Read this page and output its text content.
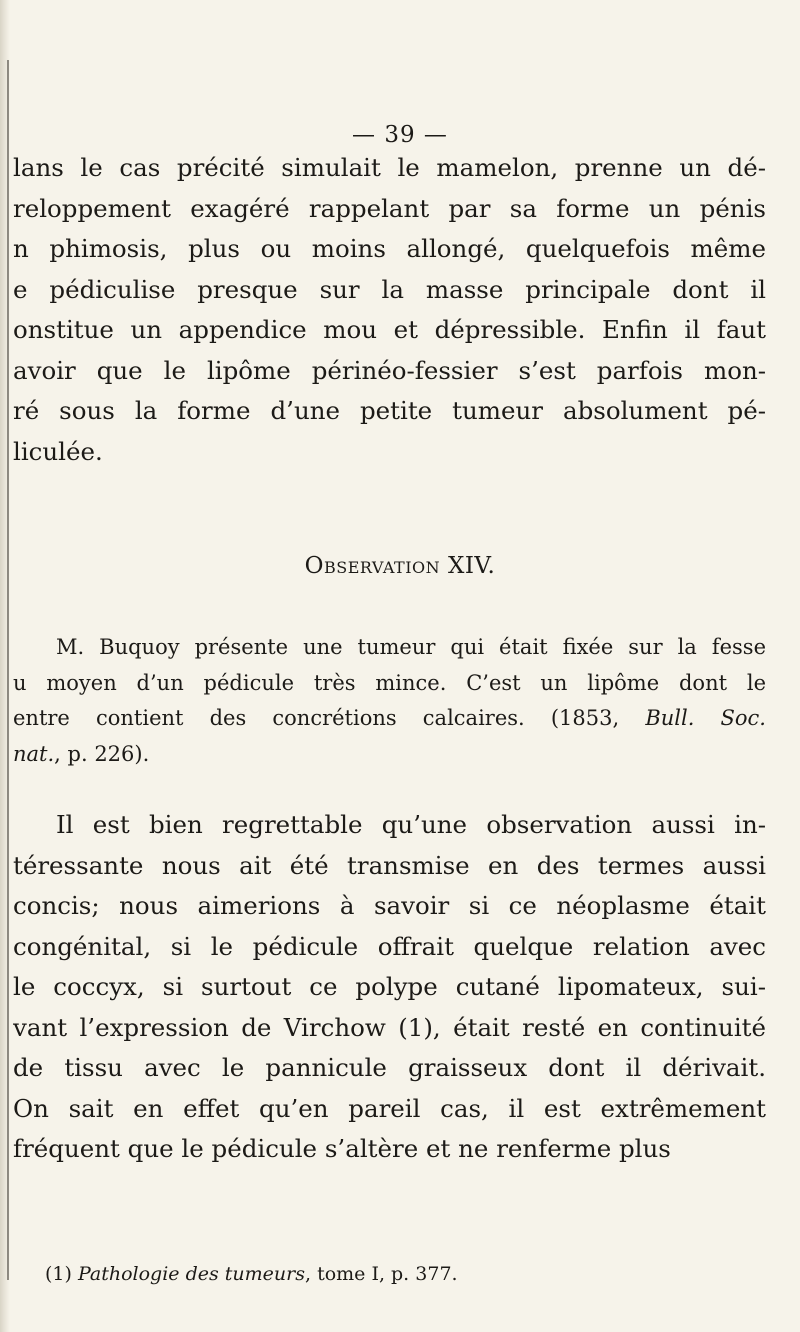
— 39 —
lans le cas précité simulait le mamelon, prenne un dé-
reloppement exagéré rappelant par sa forme un pénis
n phimosis, plus ou moins allongé, quelquefois même
e pédiculise presque sur la masse principale dont il
onstitue un appendice mou et dépressible. Enfin il faut
avoir que le lipôme périnéo-fessier s’est parfois mon-
ré sous la forme d’une petite tumeur absolument pé-
liculée.
Observation XIV.
M. Buquoy présente une tumeur qui était fixée sur la fesse
u moyen d’un pédicule très mince. C’est un lipôme dont le
entre contient des concrétions calcaires. (1853, Bull. Soc.
nat., p. 226).
Il est bien regrettable qu’une observation aussi in-
téressante nous ait été transmise en des termes aussi
concis; nous aimerions à savoir si ce néoplasme était
congénital, si le pédicule offrait quelque relation avec
le coccyx, si surtout ce polype cutané lipomateux, sui-
vant l’expression de Virchow (1), était resté en continuité
de tissu avec le pannicule graisseux dont il dérivait.
On sait en effet qu’en pareil cas, il est extrêmement
fréquent que le pédicule s’altère et ne renferme plus
(1) Pathologie des tumeurs, tome I, p. 377.
